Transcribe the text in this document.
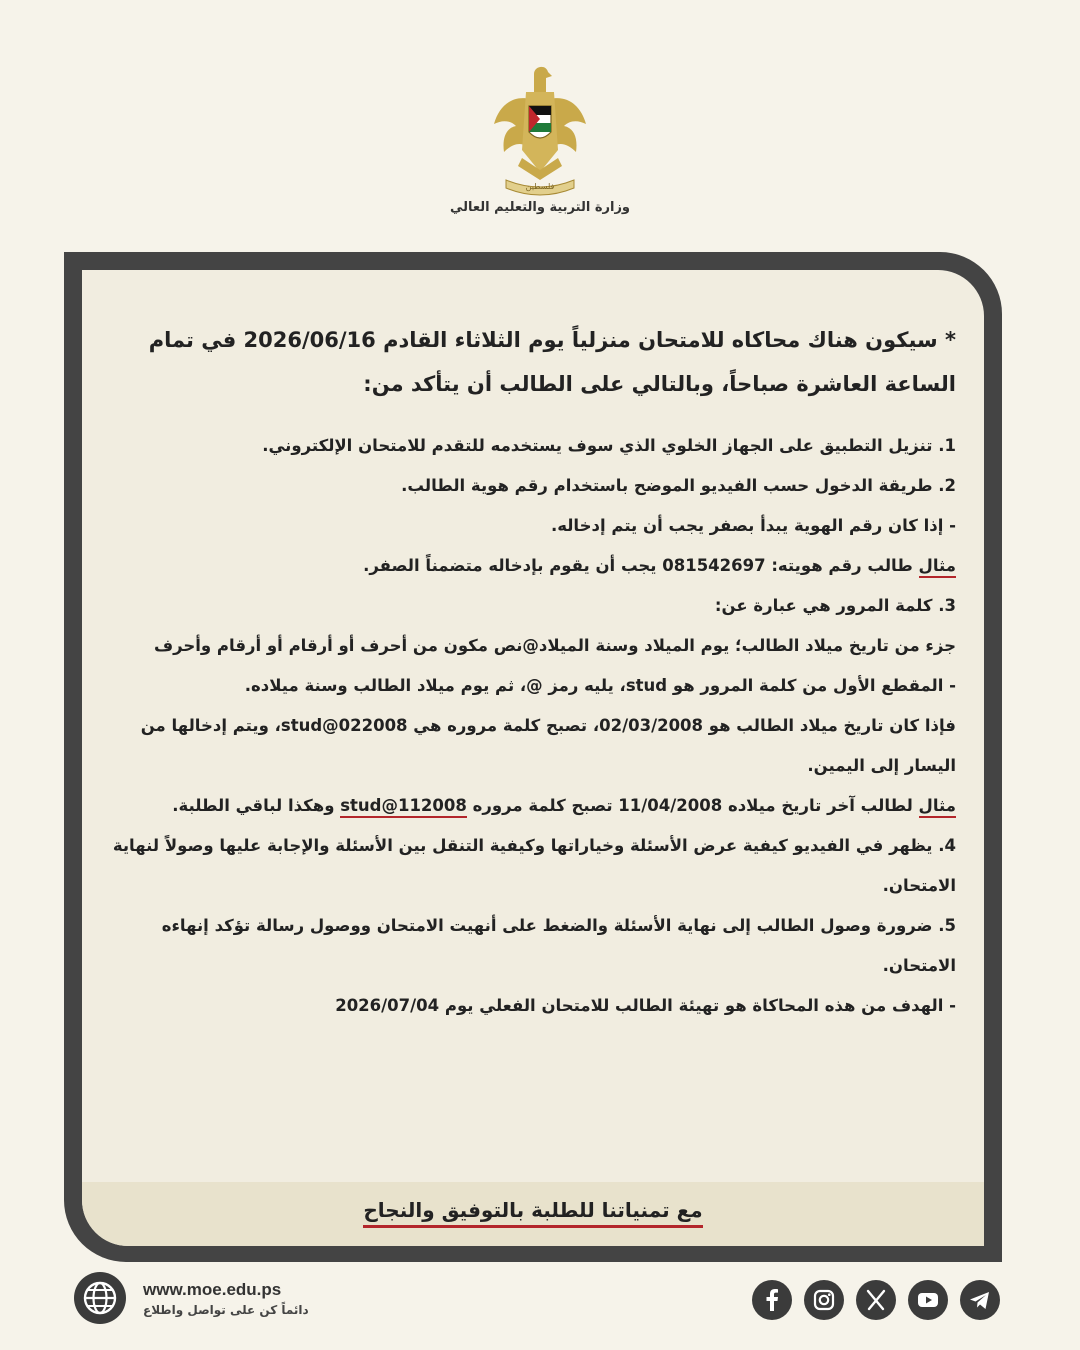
فلسطين
وزارة التربية والتعليم العالي

* سيكون هناك محاكاه للامتحان منزلياً يوم الثلاثاء القادم 2026/06/16 في تمام الساعة العاشرة صباحاً، وبالتالي على الطالب أن يتأكد من:

1. تنزيل التطبيق على الجهاز الخلوي الذي سوف يستخدمه للتقدم للامتحان الإلكتروني.

2. طريقة الدخول حسب الفيديو الموضح باستخدام رقم هوية الطالب.

- إذا كان رقم الهوية يبدأ بصفر يجب أن يتم إدخاله.

مثال طالب رقم هويته: 081542697 يجب أن يقوم بإدخاله متضمناً الصفر.

3. كلمة المرور هي عبارة عن:

جزء من تاريخ ميلاد الطالب؛ يوم الميلاد وسنة الميلاد@نص مكون من أحرف أو أرقام أو أرقام وأحرف

- المقطع الأول من كلمة المرور هو stud، يليه رمز @، ثم يوم ميلاد الطالب وسنة ميلاده.

فإذا كان تاريخ ميلاد الطالب هو 02/03/2008، تصبح كلمة مروره هي stud@022008، ويتم إدخالها من اليسار إلى اليمين.

مثال لطالب آخر تاريخ ميلاده 11/04/2008 تصبح كلمة مروره stud@112008 وهكذا لباقي الطلبة.

4. يظهر في الفيديو كيفية عرض الأسئلة وخياراتها وكيفية التنقل بين الأسئلة والإجابة عليها وصولاً لنهاية الامتحان.

5. ضرورة وصول الطالب إلى نهاية الأسئلة والضغط على أنهيت الامتحان ووصول رسالة تؤكد إنهاءه الامتحان.

- الهدف من هذه المحاكاة هو تهيئة الطالب للامتحان الفعلي يوم 2026/07/04

مع تمنياتنا للطلبة بالتوفيق والنجاح
www.moe.edu.ps
دائماً كن على تواصل واطلاع
